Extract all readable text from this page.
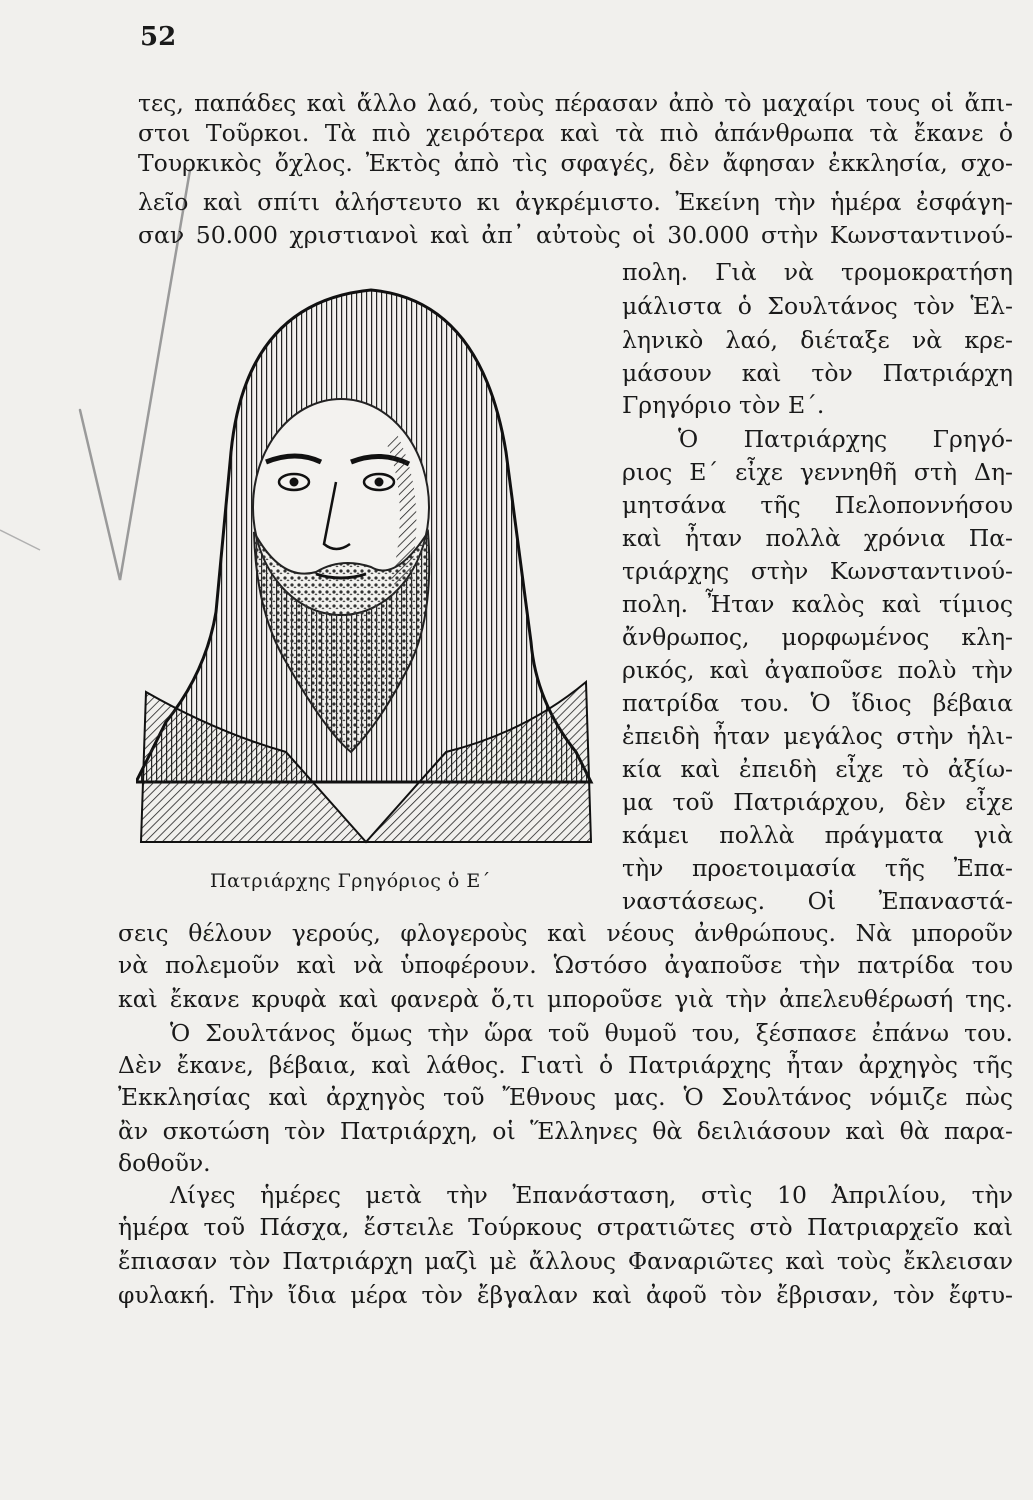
52
τες, παπάδες καὶ ἄλλο λαό, τοὺς πέρασαν ἀπὸ τὸ μαχαίρι τους οἱ ἄπι-
στοι Τοῦρκοι. Τὰ πιὸ χειρότερα καὶ τὰ πιὸ ἀπάνθρωπα τὰ ἔκανε ὁ
Τουρκικὸς ὄχλος. Ἐκτὸς ἀπὸ τὶς σφαγές, δὲν ἄφησαν ἐκκλησία, σχο-
λεῖο καὶ σπίτι ἀλήστευτο κι ἀγκρέμιστο. Ἐκείνη τὴν ἡμέρα ἐσφάγη-
σαν 50.000 χριστιανοὶ καὶ ἀπ᾽ αὐτοὺς οἱ 30.000 στὴν Κωνσταντινού-
Πατριάρχης Γρηγόριος ὁ Ε΄
πολη. Γιὰ νὰ τρομοκρατήση
μάλιστα ὁ Σουλτάνος τὸν Ἑλ-
ληνικὸ λαό, διέταξε νὰ κρε-
μάσουν καὶ τὸν Πατριάρχη
Γρηγόριο τὸν Ε΄.
Ὁ Πατριάρχης Γρηγό-
ριος Ε΄ εἶχε γεννηθῆ στὴ Δη-
μητσάνα τῆς Πελοποννήσου
καὶ ἦταν πολλὰ χρόνια Πα-
τριάρχης στὴν Κωνσταντινού-
πολη. Ἦταν καλὸς καὶ τίμιος
ἄνθρωπος, μορφωμένος κλη-
ρικός, καὶ ἀγαποῦσε πολὺ τὴν
πατρίδα του. Ὁ ἴδιος βέβαια
ἐπειδὴ ἦταν μεγάλος στὴν ἡλι-
κία καὶ ἐπειδὴ εἶχε τὸ ἀξίω-
μα τοῦ Πατριάρχου, δὲν εἶχε
κάμει πολλὰ πράγματα γιὰ
τὴν προετοιμασία τῆς Ἐπα-
ναστάσεως. Οἱ Ἐπαναστά-
σεις θέλουν γερούς, φλογεροὺς καὶ νέους ἀνθρώπους. Νὰ μποροῦν
νὰ πολεμοῦν καὶ νὰ ὑποφέρουν. Ὡστόσο ἀγαποῦσε τὴν πατρίδα του
καὶ ἔκανε κρυφὰ καὶ φανερὰ ὅ,τι μποροῦσε γιὰ τὴν ἀπελευθέρωσή της.
Ὁ Σουλτάνος ὅμως τὴν ὥρα τοῦ θυμοῦ του, ξέσπασε ἐπάνω του.
Δὲν ἔκανε, βέβαια, καὶ λάθος. Γιατὶ ὁ Πατριάρχης ἦταν ἀρχηγὸς τῆς
Ἐκκλησίας καὶ ἀρχηγὸς τοῦ Ἔθνους μας. Ὁ Σουλτάνος νόμιζε πὼς
ἂν σκοτώση τὸν Πατριάρχη, οἱ Ἕλληνες θὰ δειλιάσουν καὶ θὰ παρα-
δοθοῦν.
Λίγες ἡμέρες μετὰ τὴν Ἐπανάσταση, στὶς 10 Ἀπριλίου, τὴν
ἡμέρα τοῦ Πάσχα, ἔστειλε Τούρκους στρατιῶτες στὸ Πατριαρχεῖο καὶ
ἔπιασαν τὸν Πατριάρχη μαζὶ μὲ ἄλλους Φαναριῶτες καὶ τοὺς ἔκλεισαν
φυλακή. Τὴν ἴδια μέρα τὸν ἔβγαλαν καὶ ἀφοῦ τὸν ἔβρισαν, τὸν ἔφτυ-
